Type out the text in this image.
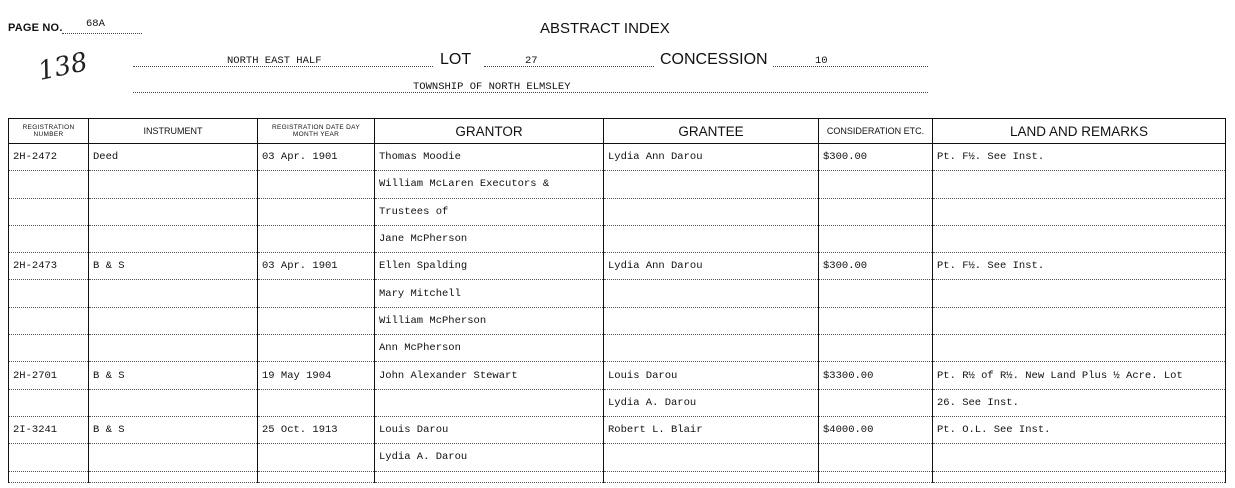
PAGE NO. 68A	ABSTRACT INDEX
138	NORTH EAST HALF	LOT	27	CONCESSION	10
TOWNSHIP OF NORTH ELMSLEY
REGISTRATION NUMBER	INSTRUMENT	REGISTRATION DATE DAY MONTH YEAR	GRANTOR	GRANTEE	CONSIDERATION ETC.	LAND AND REMARKS
2H-2472	Deed	03 Apr. 1901	Thomas Moodie	Lydia Ann Darou	$300.00	Pt. F½. See Inst.
			William McLaren Executors &			
			Trustees of			
			Jane McPherson			
2H-2473	B & S	03 Apr. 1901	Ellen Spalding	Lydia Ann Darou	$300.00	Pt. F½. See Inst.
			Mary Mitchell			
			William McPherson			
			Ann McPherson			
2H-2701	B & S	19 May 1904	John Alexander Stewart	Louis Darou	$3300.00	Pt. R½ of R½. New Land Plus ½ Acre. Lot
				Lydia A. Darou		26. See Inst.
2I-3241	B & S	25 Oct. 1913	Louis Darou	Robert L. Blair	$4000.00	Pt. O.L. See Inst.
			Lydia A. Darou			
